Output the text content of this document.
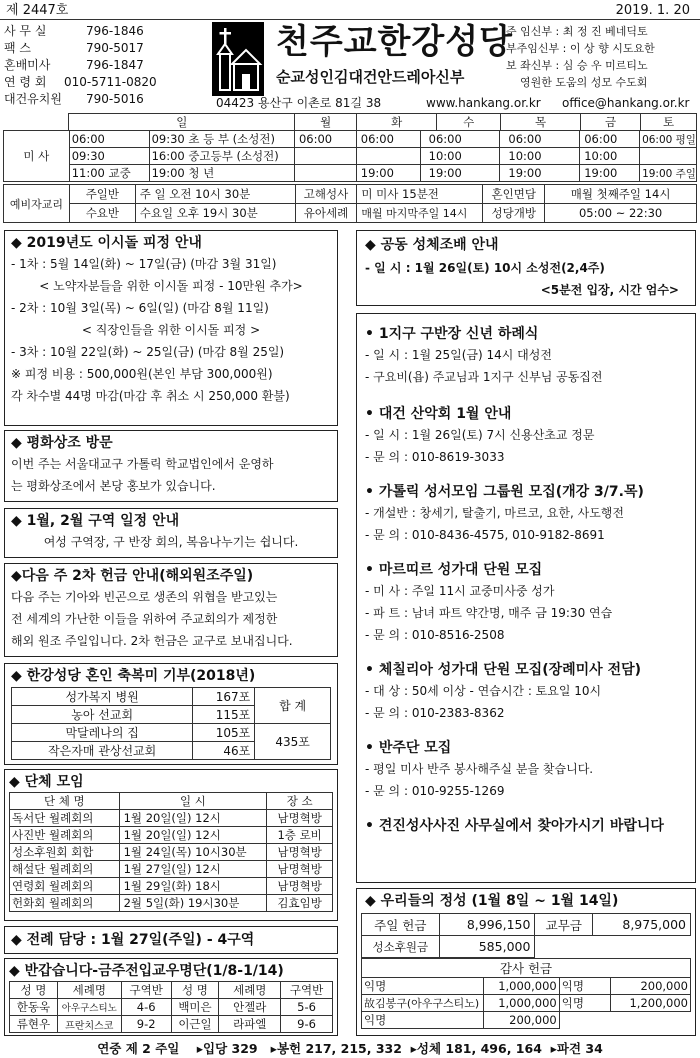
제 2447호	2019. 1. 20
사 무 실	796-1846
팩 스	790-5017
혼배미사	796-1847
연 령 회 010-5711-0820
대건유치원 790-5016
천주교한강성당
순교성인김대건안드레아신부
주 임신부 : 최 정 진 베네딕토
부주임신부 : 이 상 향 시도요한
보 좌신부 : 심 승 우 미르티노
영원한 도움의 성모 수도회
04423 용산구 이촌로 81길 38	www.hankang.or.kr office@hankang.or.kr
	일	월	화	수	목	금	토
미 사	06:00	09:30 초 등 부 (소성전)	06:00	06:00	06:00	06:00	06:00	06:00 평일
	09:30	16:00 중고등부 (소성전)			10:00	10:00	10:00	
	11:00 교중	19:00 청 년		19:00	19:00	19:00	19:00	19:00 주일
예비자교리	주일반	주 일 오전 10시 30분	고해성사	미 미사 15분전	혼인면담	매월 첫째주일 14시
	수요반	수요일 오후 19시 30분	유아세례	매월 마지막주일 14시	성당개방	05:00 ~ 22:30
◆ 2019년도 이시돌 피정 안내
- 1차 : 5월 14일(화) ~ 17일(금) (마감 3월 31일)
< 노약자분들을 위한 이시돌 피정 - 10만원 추가>
- 2차 : 10월 3일(목) ~ 6일(일) (마감 8월 11일)
< 직장인들을 위한 이시돌 피정 >
- 3차 : 10월 22일(화) ~ 25일(금) (마감 8월 25일)
※ 피정 비용 : 500,000원(본인 부담 300,000원)
각 차수별 44명 마감(마감 후 취소 시 250,000 환불)
◆ 평화상조 방문
이번 주는 서울대교구 가톨릭 학교법인에서 운영하
는 평화상조에서 본당 홍보가 있습니다.
◆ 1월, 2월 구역 일정 안내
여성 구역장, 구 반장 회의, 복음나누기는 쉽니다.
◆다음 주 2차 헌금 안내(해외원조주일)
다음 주는 기아와 빈곤으로 생존의 위협을 받고있는
전 세계의 가난한 이들을 위하여 주교회의가 제정한
해외 원조 주일입니다. 2차 헌금은 교구로 보내집니다.
◆ 한강성당 혼인 축복미 기부(2018년)
성가복지 병원	167포	합 계
농아 선교회	115포	
막달레나의 집	105포	435포
작은자매 관상선교회	46포	
◆ 단체 모임
단 체 명	일 시	장 소
독서단 월례회의	1월 20일(일) 12시	남명혁방
사진반 월례회의	1월 20일(일) 12시	1층 로비
성소후원회 회합	1월 24일(목) 10시30분	남명혁방
해설단 월례회의	1월 27일(일) 12시	남명혁방
연령회 월례회의	1월 29일(화) 18시	남명혁방
헌화회 월례회의	2월 5일(화) 19시30분	김효임방
◆ 전례 담당 : 1월 27일(주일) - 4구역
◆ 반갑습니다-금주전입교우명단(1/8-1/14)
성 명	세례명	구역반	성 명	세례명	구역반
한동욱	아우구스티노	4-6	백미은	안젤라	5-6
류현우	프란치스코	9-2	이근일	라파엘	9-6
◆ 공동 성체조배 안내
- 일 시 : 1월 26일(토) 10시 소성전(2,4주)
<5분전 입장, 시간 엄수>
• 1지구 구반장 신년 하례식
- 일 시 : 1월 25일(금) 14시 대성전
- 구요비(욥) 주교님과 1지구 신부님 공동집전
• 대건 산악회 1월 안내
- 일 시 : 1월 26일(토) 7시 신용산초교 정문
- 문 의 : 010-8619-3033
• 가톨릭 성서모임 그룹원 모집(개강 3/7.목)
- 개설반 : 창세기, 탈출기, 마르코, 요한, 사도행전
- 문 의 : 010-8436-4575, 010-9182-8691
• 마르띠르 성가대 단원 모집
- 미 사 : 주일 11시 교중미사중 성가
- 파 트 : 남녀 파트 약간명, 매주 금 19:30 연습
- 문 의 : 010-8516-2508
• 체칠리아 성가대 단원 모집(장례미사 전담)
- 대 상 : 50세 이상 - 연습시간 : 토요일 10시
- 문 의 : 010-2383-8362
• 반주단 모집
- 평일 미사 반주 봉사해주실 분을 찾습니다.
- 문 의 : 010-9255-1269
• 견진성사사진 사무실에서 찾아가시기 바랍니다
◆ 우리들의 정성 (1월 8일 ~ 1월 14일)
주일 헌금	8,996,150	교무금	8,975,000
성소후원금	585,000		
감사 헌금			
익명	1,000,000	익명	200,000
故김봉구(아우구스티노)	1,000,000	익명	1,200,000
익명	200,000		
연중 제 2 주일    ▸입당 329   ▸봉헌 217, 215, 332  ▸성체 181, 496, 164  ▸파견 34
